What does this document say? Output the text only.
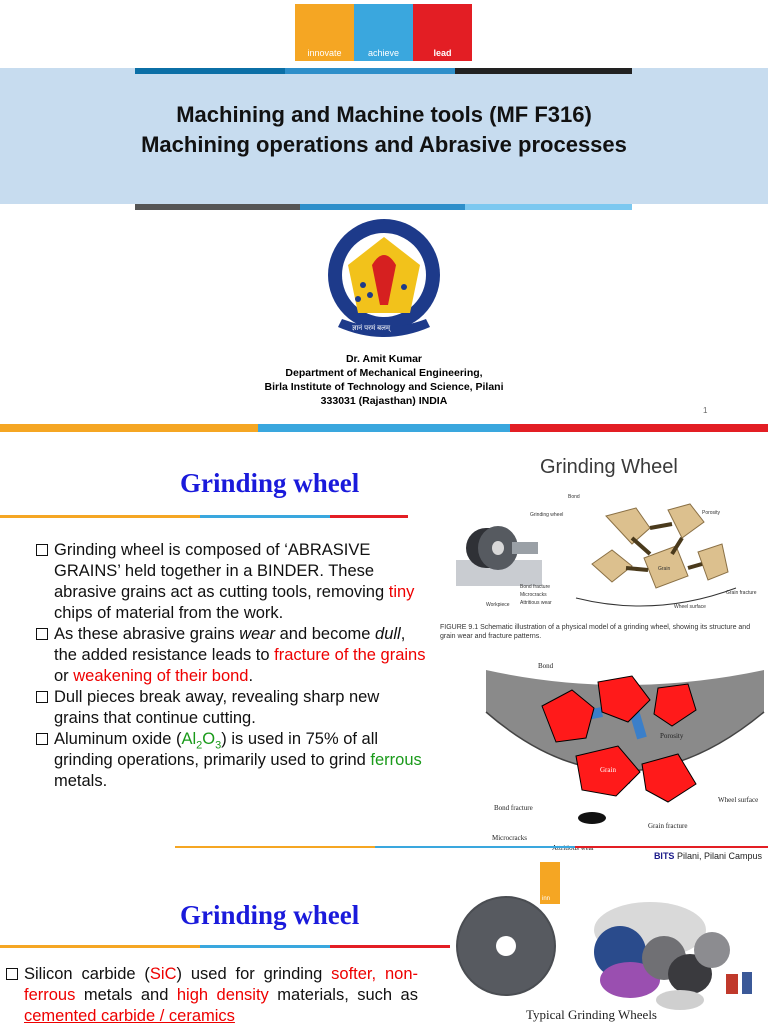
innovate	achieve	lead
Machining and Machine tools (MF F316)
Machining operations and Abrasive processes
ज्ञानं परमं बलम्
Dr. Amit Kumar
Department of Mechanical Engineering,
Birla Institute of Technology and Science, Pilani
333031 (Rajasthan) INDIA
1
Grinding wheel
Grinding wheel is composed of ‘ABRASIVE GRAINS’ held together in a BINDER. These abrasive grains act as cutting tools, removing tiny chips of material from the work.
As these abrasive grains wear and become dull, the added resistance leads to fracture of the grains or weakening of their bond.
Dull pieces break away, revealing sharp new grains that continue cutting.
Aluminum oxide $(Al_2O_3)$ is used in 75% of all grinding operations, primarily used to grind ferrous metals.
Grinding Wheel
Grinding wheel
Bond
Porosity
Grain
Bond fracture
Microcracks
Attritious wear
Workpiece	Wheel surface
Grain fracture
FIGURE 9.1 Schematic illustration of a physical model of a grinding wheel, showing its structure and grain wear and fracture patterns.
Bond
Porosity
Grain
Wheel surface
Bond fracture
Microcracks
Grain fracture
BITS Pilani, Pilani Campus
inn
Grinding wheel
Silicon carbide (SiC) used for grinding softer, non-ferrous metals and high density materials, such as cemented carbide / ceramics	Typical Grinding Wheels
